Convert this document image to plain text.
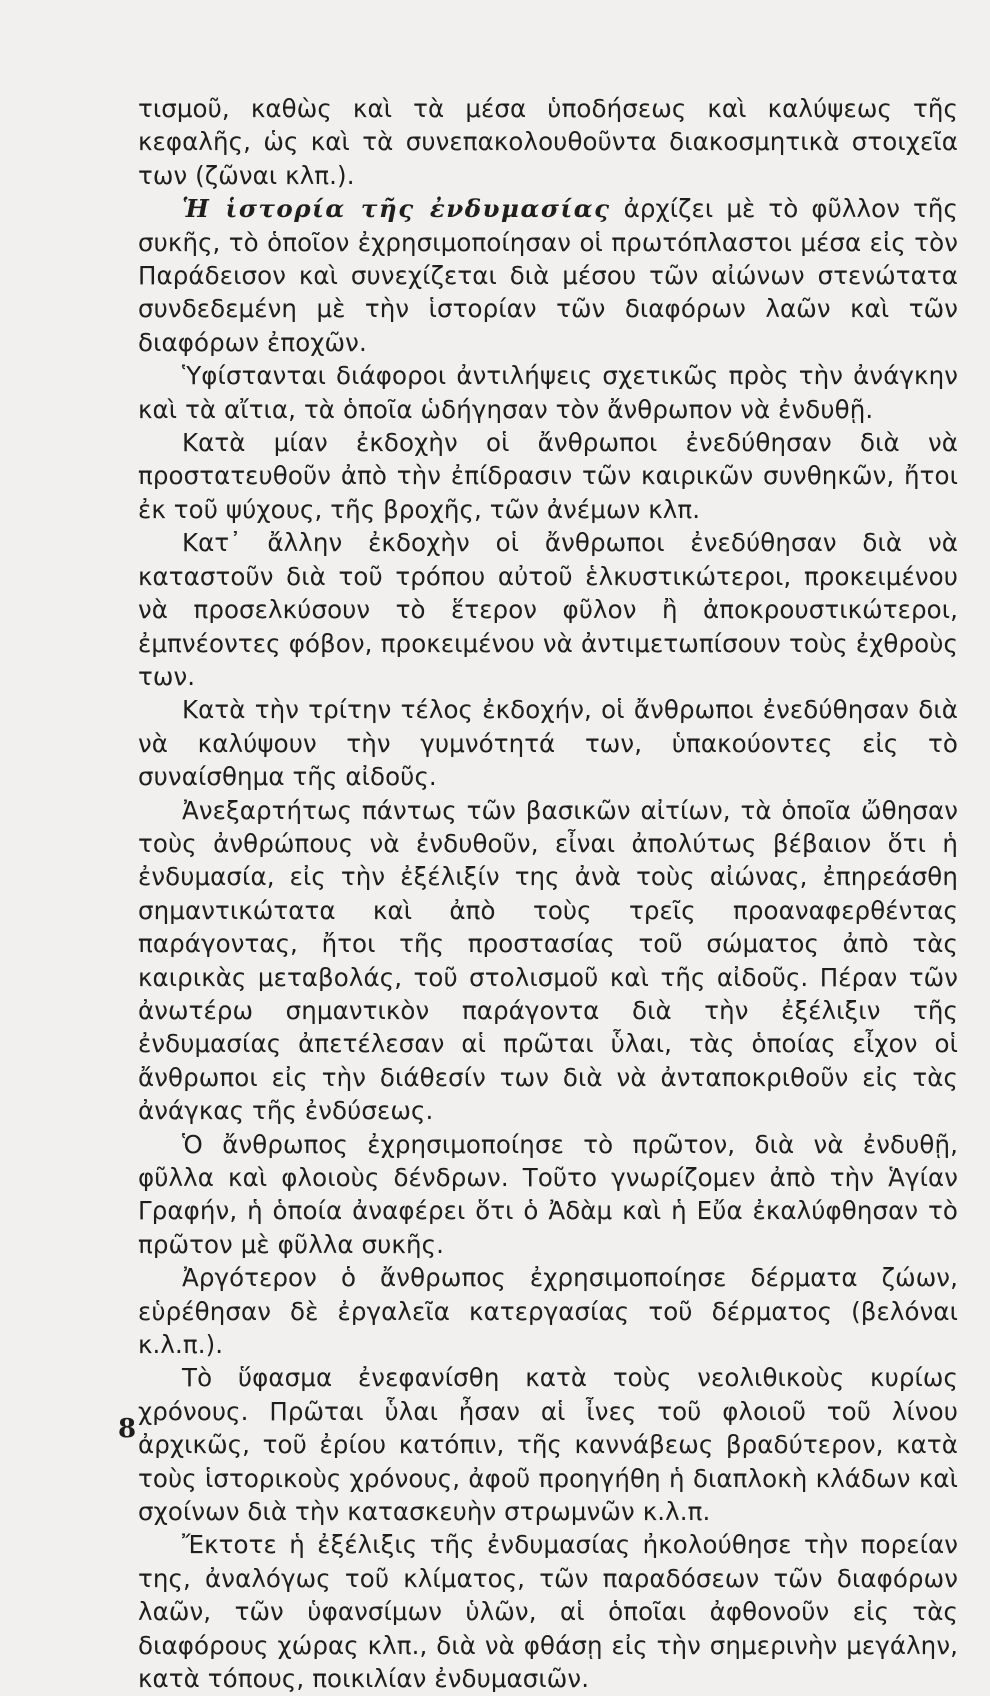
τισμοῦ, καθὼς καὶ τὰ μέσα ὑποδήσεως καὶ καλύψεως τῆς κεφαλῆς, ὡς καὶ τὰ συνεπακολουθοῦντα διακοσμητικὰ στοιχεῖα των (ζῶναι κλπ.).

Ἡ ἱστορία τῆς ἐνδυμασίας ἀρχίζει μὲ τὸ φῦλλον τῆς συκῆς, τὸ ὁποῖον ἐχρησιμοποίησαν οἱ πρωτόπλαστοι μέσα εἰς τὸν Παράδεισον καὶ συνεχίζεται διὰ μέσου τῶν αἰώνων στενώτατα συνδεδεμένη μὲ τὴν ἱστορίαν τῶν διαφόρων λαῶν καὶ τῶν διαφόρων ἐποχῶν.

Ὑφίστανται διάφοροι ἀντιλήψεις σχετικῶς πρὸς τὴν ἀνάγκην καὶ τὰ αἴτια, τὰ ὁποῖα ὡδήγησαν τὸν ἄνθρωπον νὰ ἐνδυθῇ.

Κατὰ μίαν ἐκδοχὴν οἱ ἄνθρωποι ἐνεδύθησαν διὰ νὰ προστατευθοῦν ἀπὸ τὴν ἐπίδρασιν τῶν καιρικῶν συνθηκῶν, ἤτοι ἐκ τοῦ ψύχους, τῆς βροχῆς, τῶν ἀνέμων κλπ.

Κατ᾽ ἄλλην ἐκδοχὴν οἱ ἄνθρωποι ἐνεδύθησαν διὰ νὰ καταστοῦν διὰ τοῦ τρόπου αὐτοῦ ἑλκυστικώτεροι, προκειμένου νὰ προσελκύσουν τὸ ἕτερον φῦλον ἢ ἀποκρουστικώτεροι, ἐμπνέοντες φόβον, προκειμένου νὰ ἀντιμετωπίσουν τοὺς ἐχθροὺς των.

Κατὰ τὴν τρίτην τέλος ἐκδοχήν, οἱ ἄνθρωποι ἐνεδύθησαν διὰ νὰ καλύψουν τὴν γυμνότητά των, ὑπακούοντες εἰς τὸ συναίσθημα τῆς αἰδοῦς.

Ἀνεξαρτήτως πάντως τῶν βασικῶν αἰτίων, τὰ ὁποῖα ὤθησαν τοὺς ἀνθρώπους νὰ ἐνδυθοῦν, εἶναι ἀπολύτως βέβαιον ὅτι ἡ ἐνδυμασία, εἰς τὴν ἐξέλιξίν της ἀνὰ τοὺς αἰώνας, ἐπηρεάσθη σημαντικώτατα καὶ ἀπὸ τοὺς τρεῖς προαναφερθέντας παράγοντας, ἤτοι τῆς προστασίας τοῦ σώματος ἀπὸ τὰς καιρικὰς μεταβολάς, τοῦ στολισμοῦ καὶ τῆς αἰδοῦς. Πέραν τῶν ἀνωτέρω σημαντικὸν παράγοντα διὰ τὴν ἐξέλιξιν τῆς ἐνδυμασίας ἀπετέλεσαν αἱ πρῶται ὗλαι, τὰς ὁποίας εἶχον οἱ ἄνθρωποι εἰς τὴν διάθεσίν των διὰ νὰ ἀνταποκριθοῦν εἰς τὰς ἀνάγκας τῆς ἐνδύσεως.

Ὁ ἄνθρωπος ἐχρησιμοποίησε τὸ πρῶτον, διὰ νὰ ἐνδυθῇ, φῦλλα καὶ φλοιοὺς δένδρων. Τοῦτο γνωρίζομεν ἀπὸ τὴν Ἁγίαν Γραφήν, ἡ ὁποία ἀναφέρει ὅτι ὁ Ἀδὰμ καὶ ἡ Εὔα ἐκαλύφθησαν τὸ πρῶτον μὲ φῦλλα συκῆς.

Ἀργότερον ὁ ἄνθρωπος ἐχρησιμοποίησε δέρματα ζώων, εὑρέθησαν δὲ ἐργαλεῖα κατεργασίας τοῦ δέρματος (βελόναι κ.λ.π.).

Τὸ ὕφασμα ἐνεφανίσθη κατὰ τοὺς νεολιθικοὺς κυρίως χρόνους. Πρῶται ὗλαι ἦσαν αἱ ἶνες τοῦ φλοιοῦ τοῦ λίνου ἀρχικῶς, τοῦ ἐρίου κατόπιν, τῆς καννάβεως βραδύτερον, κατὰ τοὺς ἱστορικοὺς χρόνους, ἀφοῦ προηγήθη ἡ διαπλοκὴ κλάδων καὶ σχοίνων διὰ τὴν κατασκευὴν στρωμνῶν κ.λ.π.

Ἔκτοτε ἡ ἐξέλιξις τῆς ἐνδυμασίας ἠκολούθησε τὴν πορείαν της, ἀναλόγως τοῦ κλίματος, τῶν παραδόσεων τῶν διαφόρων λαῶν, τῶν ὑφανσίμων ὑλῶν, αἱ ὁποῖαι ἀφθονοῦν εἰς τὰς διαφόρους χώρας κλπ., διὰ νὰ φθάσῃ εἰς τὴν σημερινὴν μεγάλην, κατὰ τόπους, ποικιλίαν ἐνδυμασιῶν.

8
